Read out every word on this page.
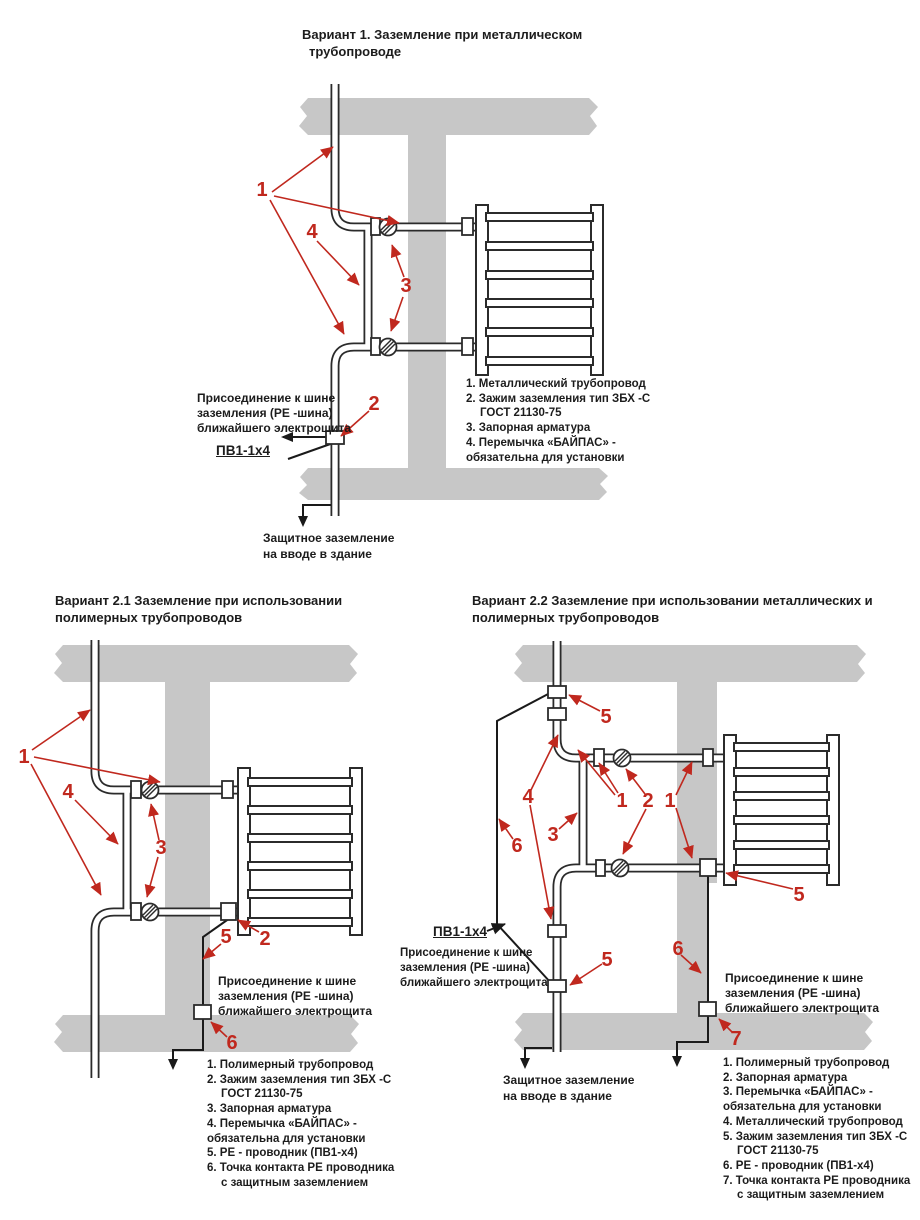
Вариант 1. Заземление при металлическом
трубопроводе
Присоединение к шине
заземления (PE -шина)
ближайшего электрощита
ПВ1-1х4
Защитное заземление
на вводе в здание
1. Металлический трубопровод
2. Зажим заземления тип ЗБХ -С
ГОСТ 21130-75
3. Запорная арматура
4. Перемычка «БАЙПАС» -
обязательна для установки
1
4
3
2
Вариант 2.1 Заземление при использовании
полимерных трубопроводов
Присоединение к шине
заземления (PE -шина)
ближайшего электрощита
1. Полимерный трубопровод
2. Зажим заземления тип ЗБХ -С
ГОСТ 21130-75
3. Запорная арматура
4. Перемычка «БАЙПАС» -
обязательна для установки
5. PE - проводник (ПВ1-х4)
6. Точка контакта PE проводника
с защитным заземлением
1
4
3
5 2
6
Вариант 2.2 Заземление при использовании металлических и
полимерных трубопроводов
ПВ1-1х4
Присоединение к шине
заземления (PE -шина)
ближайшего электрощита	Присоединение к шине
заземления (PE -шина)
ближайшего электрощита
Защитное заземление
на вводе в здание
1. Полимерный трубопровод
2. Запорная арматура
3. Перемычка «БАЙПАС» -
обязательна для установки
4. Металлический трубопровод
5. Зажим заземления тип ЗБХ -С
ГОСТ 21130-75
6. PE - проводник (ПВ1-х4)
7. Точка контакта PE проводника
с защитным заземлением
5
4
3
1 2 1
6
5
6
5
7
